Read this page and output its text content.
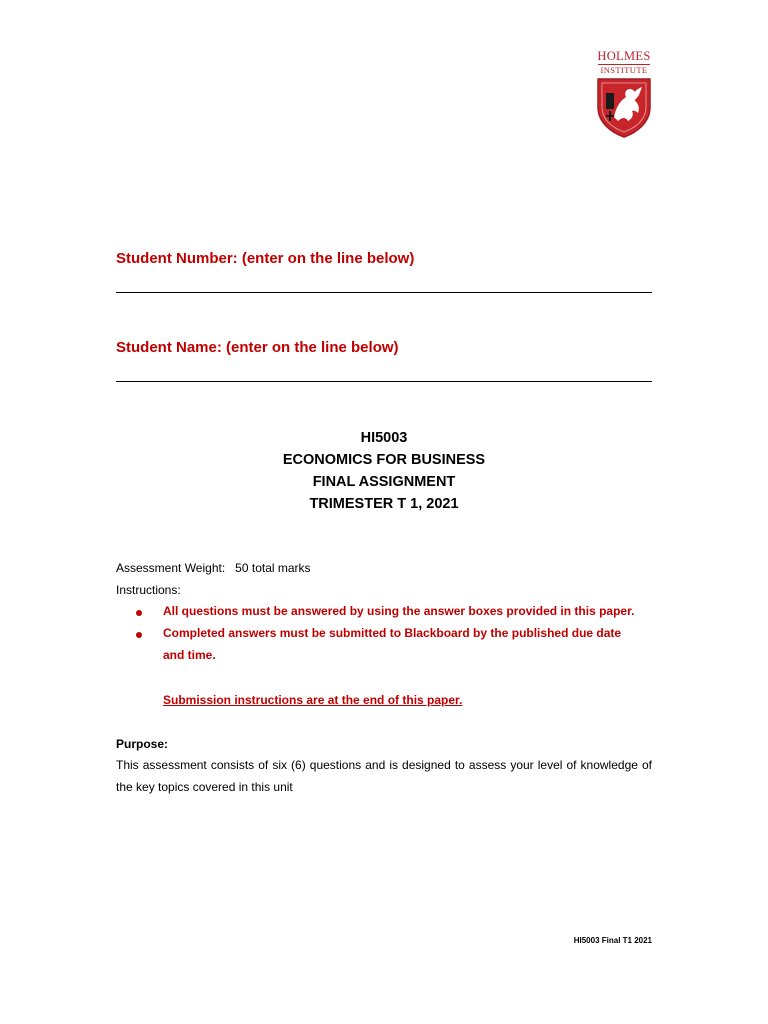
HOLMES
INSTITUTE
Student Number: (enter on the line below)
Student Name: (enter on the line below)
HI5003
ECONOMICS FOR BUSINESS
FINAL ASSIGNMENT
TRIMESTER T 1, 2021
Assessment Weight: 50 total marks
Instructions:
All questions must be answered by using the answer boxes provided in this paper.
Completed answers must be submitted to Blackboard by the published due date and time.
Submission instructions are at the end of this paper.
Purpose:
This assessment consists of six (6) questions and is designed to assess your level of knowledge of the key topics covered in this unit
HI5003 Final T1 2021
